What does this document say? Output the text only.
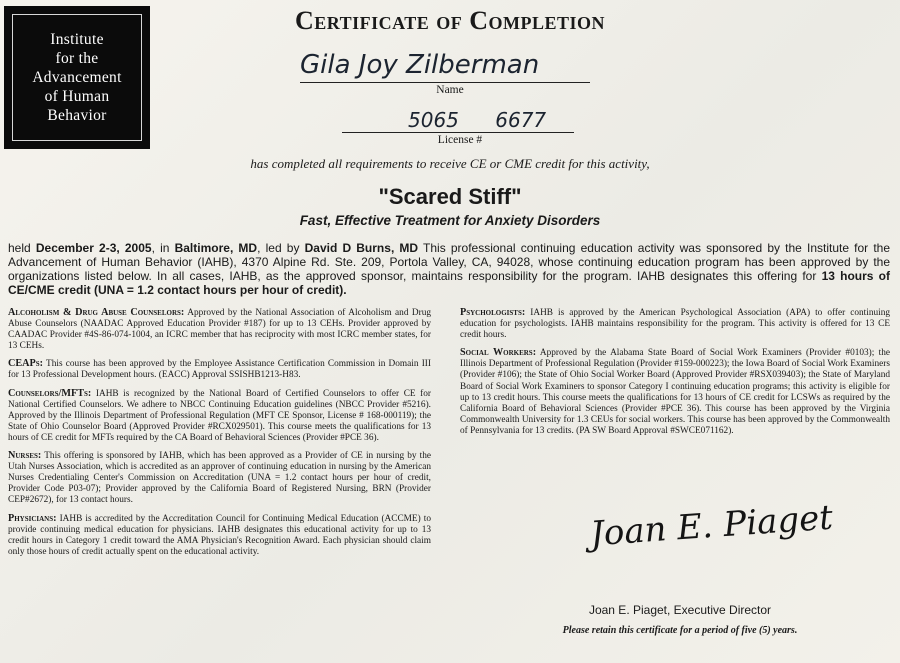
Institute
for the
Advancement
of Human
Behavior
Certificate of Completion
Gila Joy Zilberman
Name
5065 6677
License #
has completed all requirements to receive CE or CME credit for this activity,
"Scared Stiff"
Fast, Effective Treatment for Anxiety Disorders
held December 2-3, 2005, in Baltimore, MD, led by David D Burns, MD This professional continuing education activity was sponsored by the Institute for the Advancement of Human Behavior (IAHB), 4370 Alpine Rd. Ste. 209, Portola Valley, CA, 94028, whose continuing education program has been approved by the organizations listed below. In all cases, IAHB, as the approved sponsor, maintains responsibility for the program. IAHB designates this offering for 13 hours of CE/CME credit (UNA = 1.2 contact hours per hour of credit).

Alcoholism & Drug Abuse Counselors: Approved by the National Association of Alcoholism and Drug Abuse Counselors (NAADAC Approved Education Provider #187) for up to 13 CEHs. Provider approved by CAADAC Provider #4S-86-074-1004, an ICRC member that has reciprocity with most ICRC member states, for 13 CEHs.

CEAPs: This course has been approved by the Employee Assistance Certification Commission in Domain III for 13 Professional Development hours. (EACC) Approval SSISHB1213-H83.

Counselors/MFTs: IAHB is recognized by the National Board of Certified Counselors to offer CE for National Certified Counselors. We adhere to NBCC Continuing Education guidelines (NBCC Provider #5216). Approved by the Illinois Department of Professional Regulation (MFT CE Sponsor, License # 168-000119); the State of Ohio Counselor Board (Approved Provider #RCX029501). This course meets the qualifications for 13 hours of CE credit for MFTs required by the CA Board of Behavioral Sciences (Provider #PCE 36).

Nurses: This offering is sponsored by IAHB, which has been approved as a Provider of CE in nursing by the Utah Nurses Association, which is accredited as an approver of continuing education in nursing by the American Nurses Credentialing Center's Commission on Accreditation (UNA = 1.2 contact hours per hour of credit, Provider Code P03-07); Provider approved by the California Board of Registered Nursing, BRN (Provider CEP#2672), for 13 contact hours.

Physicians: IAHB is accredited by the Accreditation Council for Continuing Medical Education (ACCME) to provide continuing medical education for physicians. IAHB designates this educational activity for up to 13 credit hours in Category 1 credit toward the AMA Physician's Recognition Award. Each physician should claim only those hours of credit actually spent on the educational activity.

Psychologists: IAHB is approved by the American Psychological Association (APA) to offer continuing education for psychologists. IAHB maintains responsibility for the program. This activity is offered for 13 CE credit hours.

Social Workers: Approved by the Alabama State Board of Social Work Examiners (Provider #0103); the Illinois Department of Professional Regulation (Provider #159-000223); the Iowa Board of Social Work Examiners (Provider #106); the State of Ohio Social Worker Board (Approved Provider #RSX039403); the State of Maryland Board of Social Work Examiners to sponsor Category I continuing education programs; this activity is eligible for up to 13 credit hours. This course meets the qualifications for 13 hours of CE credit for LCSWs as required by the California Board of Behavioral Sciences (Provider #PCE 36). This course has been approved by the Virginia Commonwealth University for 1.3 CEUs for social workers. This course has been approved by the Commonwealth of Pennsylvania for 13 credits. (PA SW Board Approval #SWCE071162).

Joan E. Piaget
Joan E. Piaget, Executive Director
Please retain this certificate for a period of five (5) years.
